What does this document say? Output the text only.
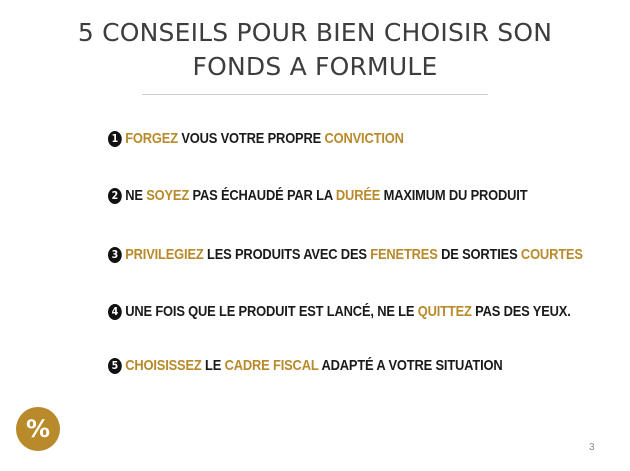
5 CONSEILS POUR BIEN CHOISIR SON
FONDS A FORMULE
1 FORGEZ VOUS VOTRE PROPRE CONVICTION
2 NE SOYEZ PAS ÉCHAUDÉ PAR LA DURÉE MAXIMUM DU PRODUIT
3 PRIVILEGIEZ LES PRODUITS AVEC DES FENETRES DE SORTIES COURTES
4 UNE FOIS QUE LE PRODUIT EST LANCÉ, NE LE QUITTEZ PAS DES YEUX.
5 CHOISISSEZ LE CADRE FISCAL ADAPTÉ A VOTRE SITUATION
%
3
